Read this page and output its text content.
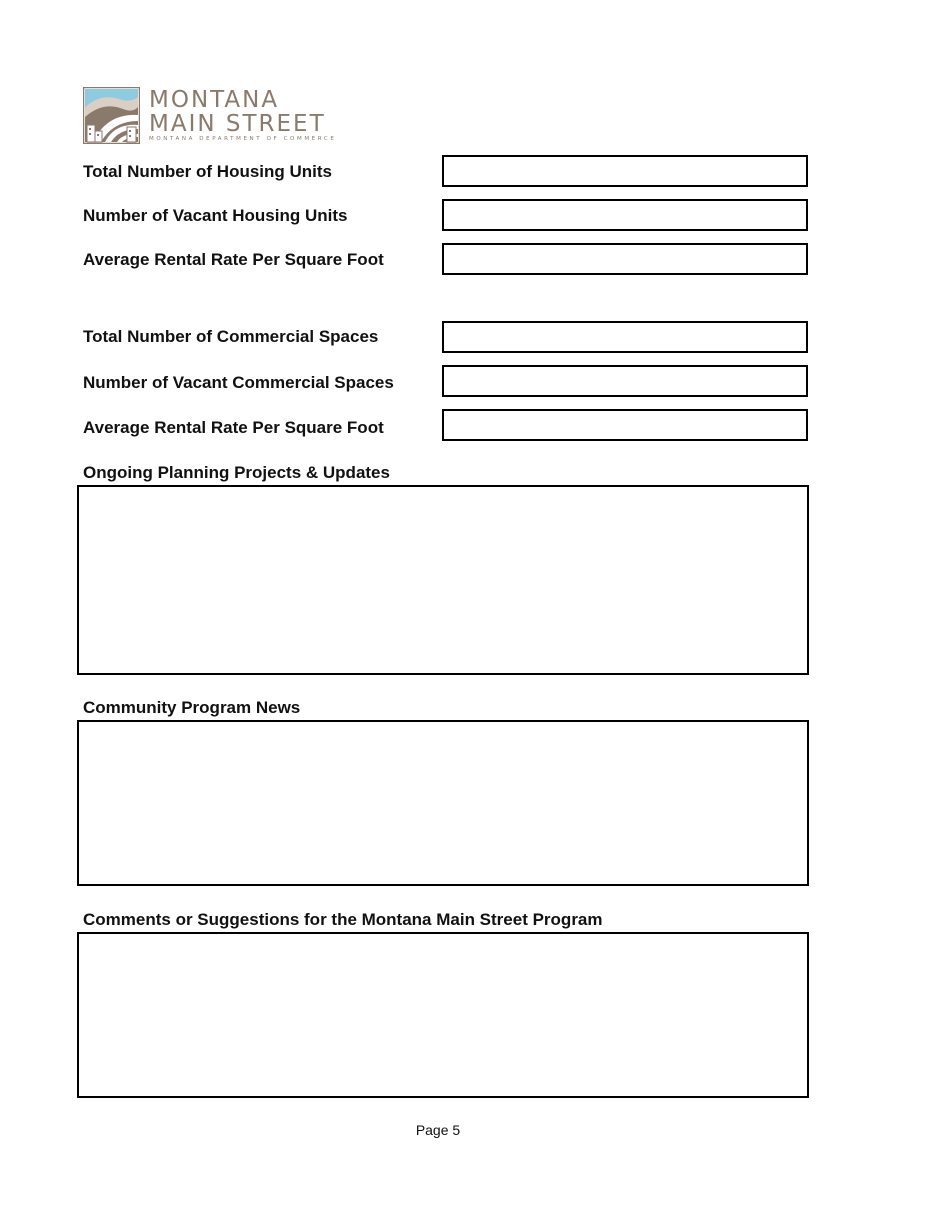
MONTANA
MAIN STREET
MONTANA DEPARTMENT OF COMMERCE
Total Number of Housing Units
Number of Vacant Housing Units
Average Rental Rate Per Square Foot
Total Number of Commercial Spaces
Number of Vacant Commercial Spaces
Average Rental Rate Per Square Foot
Ongoing Planning Projects & Updates
Community Program News
Comments or Suggestions for the Montana Main Street Program
Page 5
